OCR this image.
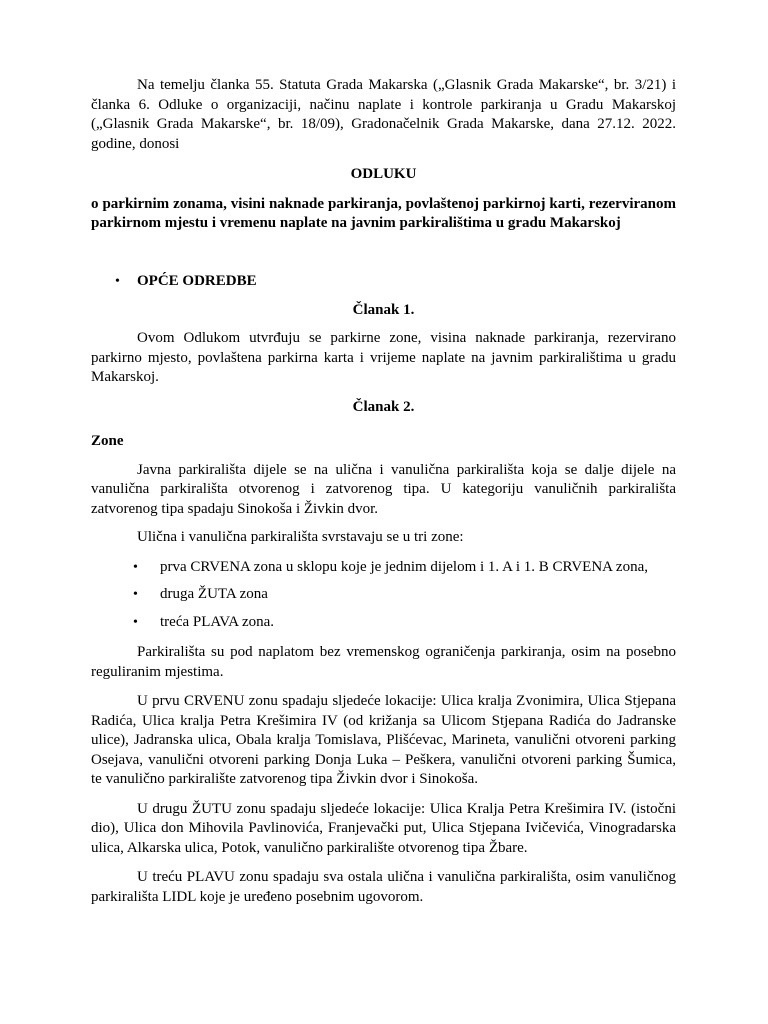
Na temelju članka 55. Statuta Grada Makarska („Glasnik Grada Makarske“, br. 3/21) i članka 6. Odluke o organizaciji, načinu naplate i kontrole parkiranja u Gradu Makarskoj („Glasnik Grada Makarske“, br. 18/09), Gradonačelnik Grada Makarske, dana 27.12. 2022. godine, donosi

ODLUKU

o parkirnim zonama, visini naknade parkiranja, povlaštenoj parkirnoj karti, rezerviranom parkirnom mjestu i vremenu naplate na javnim parkiralištima u gradu Makarskoj

•	OPĆE ODREDBE

Članak 1.

Ovom Odlukom utvrđuju se parkirne zone, visina naknade parkiranja, rezervirano parkirno mjesto, povlaštena parkirna karta i vrijeme naplate na javnim parkiralištima u gradu Makarskoj.

Članak 2.

Zone

Javna parkirališta dijele se na ulična i vanulična parkirališta koja se dalje dijele na vanulična parkirališta otvorenog i zatvorenog tipa. U kategoriju vanuličnih parkirališta zatvorenog tipa spadaju Sinokoša i Živkin dvor.

Ulična i vanulična parkirališta svrstavaju se u tri zone:

• prva CRVENA zona u sklopu koje je jednim dijelom i 1. A i 1. B CRVENA zona,
• druga ŽUTA zona
• treća PLAVA zona.

Parkirališta su pod naplatom bez vremenskog ograničenja parkiranja, osim na posebno reguliranim mjestima.

U prvu CRVENU zonu spadaju sljedeće lokacije: Ulica kralja Zvonimira, Ulica Stjepana Radića, Ulica kralja Petra Krešimira IV (od križanja sa Ulicom Stjepana Radića do Jadranske ulice), Jadranska ulica, Obala kralja Tomislava, Plišćevac, Marineta, vanulični otvoreni parking Osejava, vanulični otvoreni parking Donja Luka – Peškera, vanulični otvoreni parking Šumica, te vanulično parkiralište zatvorenog tipa Živkin dvor i Sinokoša.

U drugu ŽUTU zonu spadaju sljedeće lokacije: Ulica Kralja Petra Krešimira IV. (istočni dio), Ulica don Mihovila Pavlinovića, Franjevački put, Ulica Stjepana Ivičevića, Vinogradarska ulica, Alkarska ulica, Potok, vanulično parkiralište otvorenog tipa Žbare.

U treću PLAVU zonu spadaju sva ostala ulična i vanulična parkirališta, osim vanuličnog parkirališta LIDL koje je uređeno posebnim ugovorom.
